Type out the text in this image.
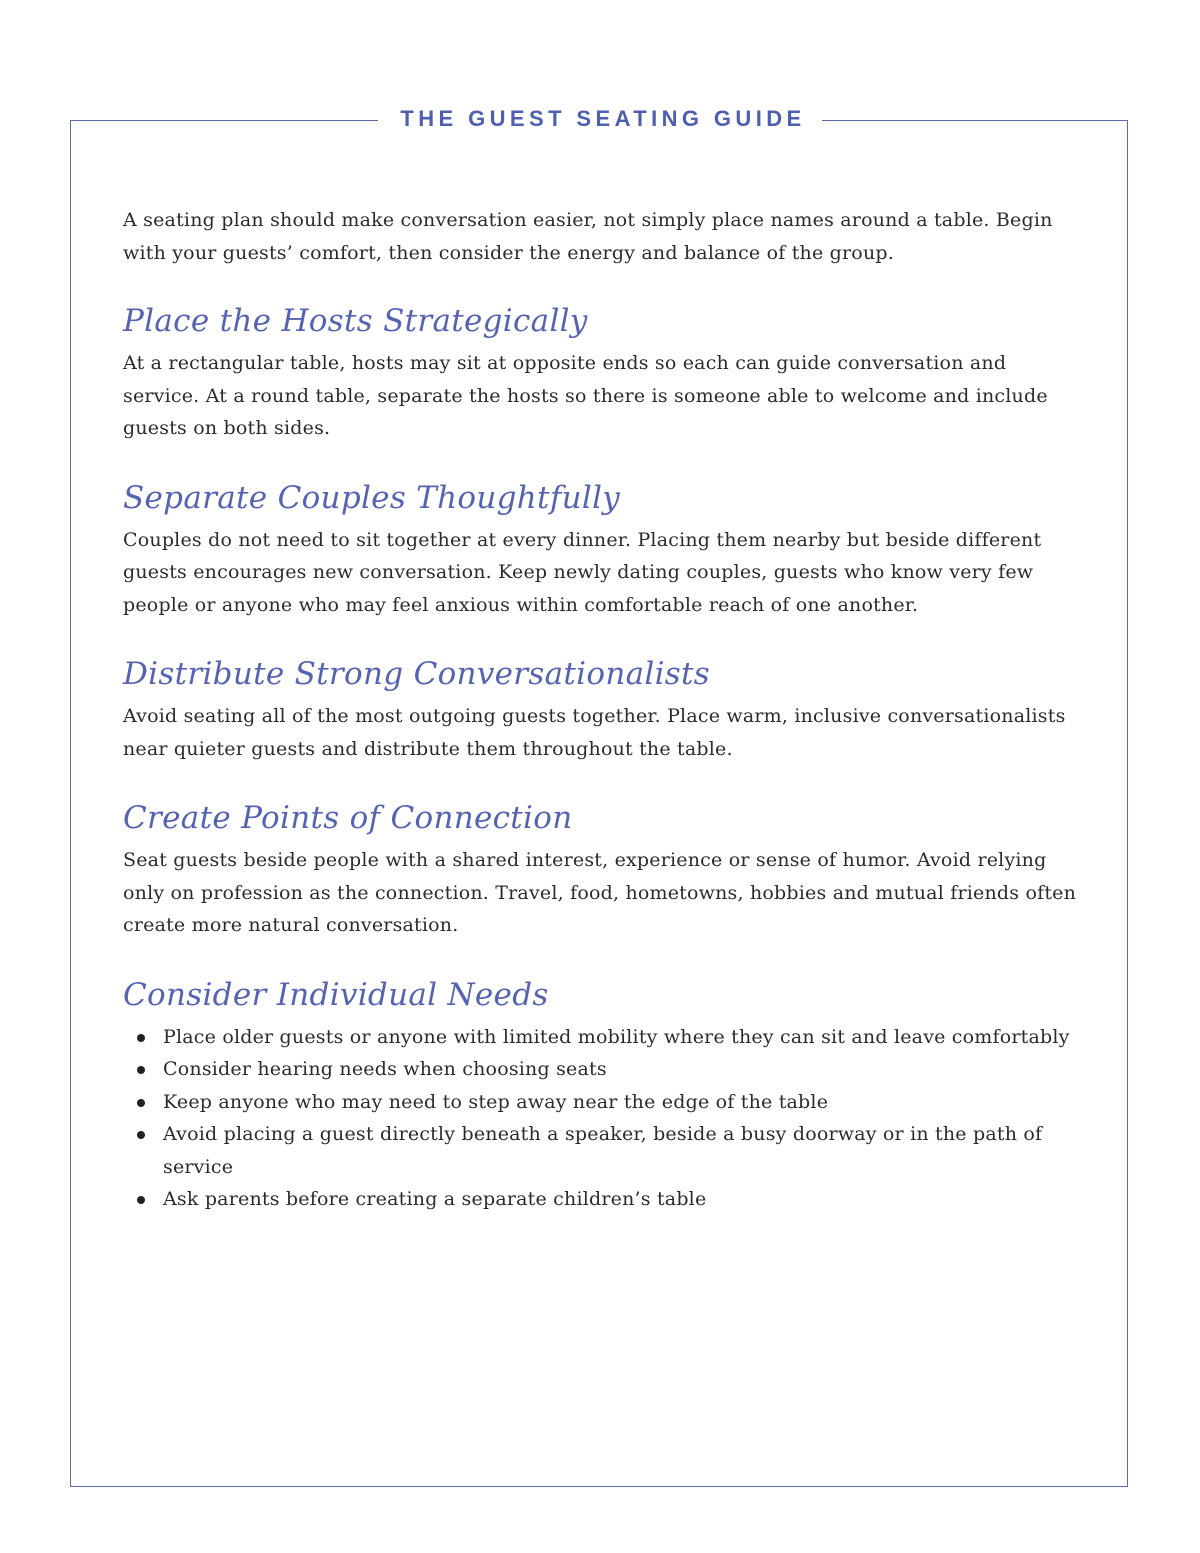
THE GUEST SEATING GUIDE

A seating plan should make conversation easier, not simply place names around a table. Begin with your guests’ comfort, then consider the energy and balance of the group.

Place the Hosts Strategically

At a rectangular table, hosts may sit at opposite ends so each can guide conversation and service. At a round table, separate the hosts so there is someone able to welcome and include guests on both sides.

Separate Couples Thoughtfully

Couples do not need to sit together at every dinner. Placing them nearby but beside different guests encourages new conversation. Keep newly dating couples, guests who know very few people or anyone who may feel anxious within comfortable reach of one another.

Distribute Strong Conversationalists

Avoid seating all of the most outgoing guests together. Place warm, inclusive conversationalists near quieter guests and distribute them throughout the table.

Create Points of Connection

Seat guests beside people with a shared interest, experience or sense of humor. Avoid relying only on profession as the connection. Travel, food, hometowns, hobbies and mutual friends often create more natural conversation.

Consider Individual Needs
Place older guests or anyone with limited mobility where they can sit and leave comfortably
Consider hearing needs when choosing seats
Keep anyone who may need to step away near the edge of the table
Avoid placing a guest directly beneath a speaker, beside a busy doorway or in the path of service
Ask parents before creating a separate children’s table
